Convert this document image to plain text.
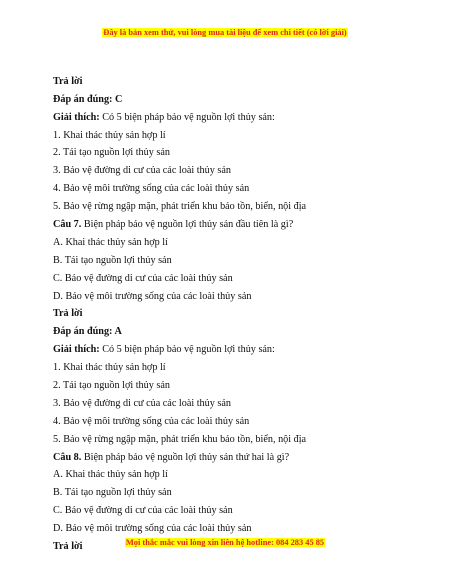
Đây là bản xem thử, vui lòng mua tài liệu để xem chi tiết (có lời giải)
Trả lời
Đáp án đúng: C
Giải thích: Có 5 biện pháp bảo vệ nguồn lợi thủy sản:
1. Khai thác thủy sản hợp lí
2. Tái tạo nguồn lợi thủy sản
3. Bảo vệ đường di cư của các loài thủy sản
4. Bảo vệ môi trường sống của các loài thủy sản
5. Bảo vệ rừng ngập mặn, phát triển khu bảo tồn, biển, nội địa
Câu 7. Biện pháp bảo vệ nguồn lợi thủy sản đầu tiên là gì?
A. Khai thác thủy sản hợp lí
B. Tái tạo nguồn lợi thủy sản
C. Bảo vệ đường di cư của các loài thủy sản
D. Bảo vệ môi trường sống của các loài thủy sản
Trả lời
Đáp án đúng: A
Giải thích: Có 5 biện pháp bảo vệ nguồn lợi thủy sản:
1. Khai thác thủy sản hợp lí
2. Tái tạo nguồn lợi thủy sản
3. Bảo vệ đường di cư của các loài thủy sản
4. Bảo vệ môi trường sống của các loài thủy sản
5. Bảo vệ rừng ngập mặn, phát triển khu bảo tồn, biển, nội địa
Câu 8. Biện pháp bảo vệ nguồn lợi thủy sản thứ hai là gì?
A. Khai thác thủy sản hợp lí
B. Tái tạo nguồn lợi thủy sản
C. Bảo vệ đường di cư của các loài thủy sản
D. Bảo vệ môi trường sống của các loài thủy sản
Trả lời	Mọi thắc mắc vui lòng xin liên hệ hotline: 084 283 45 85
